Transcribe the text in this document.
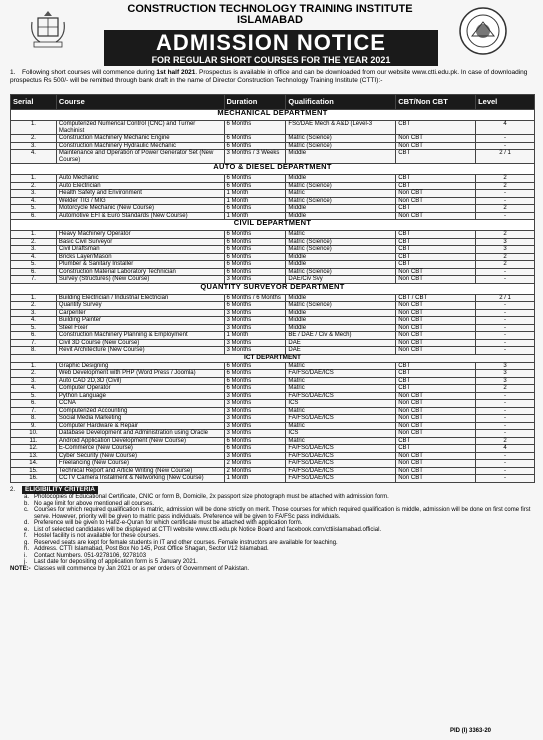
CONSTRUCTION TECHNOLOGY TRAINING INSTITUTE
ISLAMABAD
ADMISSION NOTICE
FOR REGULAR SHORT COURSES FOR THE YEAR 2021
1. Following short courses will commence during 1st half 2021. Prospectus is available in office and can be downloaded from our website www.ctti.edu.pk. In case of downloading prospectus Rs 500/- will be remitted through bank draft in the name of Director Construction Technology Training Institute (CTTI):-
Serial	Course	Duration	Qualification	CBT/Non CBT	Level
MECHANICAL DEPARTMENT					
1.	Computerized Numerical Control (CNC) and Turner Machinist	6 Months	FSc/DAE Mech & A&D (Level-3	CBT	4
2.	Construction Machinery Mechanic Engine	6 Months	Matric (Science)	Non CBT	-
3.	Construction Machinery Hydraulic Mechanic	6 Months	Matric (Science)	Non CBT	-
4.	Maintenance and Operation of Power Generator Set (New Course)	3 Months / 3 Weeks	Middle	CBT	2 / 1
AUTO & DIESEL DEPARTMENT					
1.	Auto Mechanic	6 Months	Middle	CBT	2
2.	Auto Electrician	6 Months	Matric (Science)	CBT	2
3.	Health Safety and Environment	1 Month	Matric	Non CBT	-
4.	Welder TIG / MIG	1 Month	Matric (Science)	Non CBT	-
5.	Motorcycle Mechanic (New Course)	6 Months	Middle	CBT	2
6.	Automotive EFI & Euro Standards (New Course)	1 Month	Middle	Non CBT	-
CIVIL DEPARTMENT					
1.	Heavy Machinery Operator	6 Months	Matric	CBT	2
2.	Basic Civil Surveyor	6 Months	Matric (Science)	CBT	3
3.	Civil Draftsman	6 Months	Matric (Science)	CBT	3
4.	Bricks Layer/Mason	6 Months	Middle	CBT	2
5.	Plumber & Sanitary Installer	6 Months	Middle	CBT	2
6.	Construction Material Laboratory Technician	6 Months	Matric (Science)	Non CBT	-
7.	Survey (Structures) (New Course)	3 Months	DAE/Civ Svy	Non CBT	-
QUANTITY SURVEYOR DEPARTMENT					
1.	Building Electrician / Industrial Electrician	6 Months / 6 Months	Middle	CBT / CBT	2 / 1
2.	Quantity Survey	6 Months	Matric (Science)	Non CBT	-
3.	Carpenter	3 Months	Middle	Non CBT	-
4.	Building Painter	3 Months	Middle	Non CBT	-
5.	Steel Fixer	3 Months	Middle	Non CBT	-
6.	Construction Machinery Planning & Employment	1 Month	BE / DAE / Civ & Mech)	Non CBT	-
7.	Civil 3D Course (New Course)	3 Months	DAE	Non CBT	-
8.	Revit Architecture (New Course)	3 Months	DAE	Non CBT	-
ICT DEPARTMENT					
1.	Graphic Designing	6 Months	Matric	CBT	3
2.	Web Development with PHP (Word Press / Joomla)	6 Months	FA/FSc/DAE/ICS	CBT	3
3.	Auto CAD 2D,3D (Civil)	6 Months	Matric	CBT	3
4.	Computer Operator	6 Months	Matric	CBT	2
5.	Python Language	3 Months	FA/FSc/DAE/ICS	Non CBT	-
6.	CCNA	3 Months	ICS	Non CBT	-
7.	Computerized Accounting	3 Months	Matric	Non CBT	-
8.	Social Media Marketing	3 Months	FA/FSc/DAE/ICS	Non CBT	-
9.	Computer Hardware & Repair	3 Months	Matric	Non CBT	-
10.	Database Development and Administration using Oracle	3 Months	ICS	Non CBT	-
11.	Android Application Development (New Course)	6 Months	Matric	CBT	2
12.	E-Commerce (New Course)	6 Months	FA/FSc/DAE/ICS	CBT	4
13.	Cyber Security (New Course)	3 Months	FA/FSc/DAE/ICS	Non CBT	-
14.	Freelancing (New Course)	2 Months	FA/FSc/DAE/ICS	Non CBT	-
15.	Technical Report and Article Writing (New Course)	2 Months	FA/FSc/DAE/ICS	Non CBT	-
16.	CCTV Camera Instalment & Networking (New Course)	1 Month	FA/FSc/DAE/ICS	Non CBT	-
2. ELIGIBILITY CRITERIA
a. Photocopies of Educational Certificate, CNIC or form B, Domicile, 2x passport size photograph must be attached with admission form.
b. No age limit for above mentioned all courses.
c. Courses for which required qualification is matric, admission will be done strictly on merit. Those courses for which required qualification is middle, admission will be done on first come first serve. However, priority will be given to matric pass individuals. Preference will be given to FA/FSc pass individuals.
d. Preference will be given to Hafiz-e-Quran for which certificate must be attached with application form.
e. List of selected candidates will be displayed at CTTI website www.ctti.edu.pk Notice Board and facebook.com/cttiislamabad.official.
f.	Hostel facility is not available for these courses.
g. Reserved seats are kept for female students in IT and other courses. Female instructors are available for teaching.
h. Address. CTTI Islamabad, Post Box No 145, Post Office Shagan, Sector I/12 Islamabad.
i.	Contact Numbers. 051-9278106, 9278103
j.	Last date for depositing of application form is 5 January 2021.
NOTE:- Classes will commence by Jan 2021 or as per orders of Government of Pakistan.
PID (I) 3363-20
